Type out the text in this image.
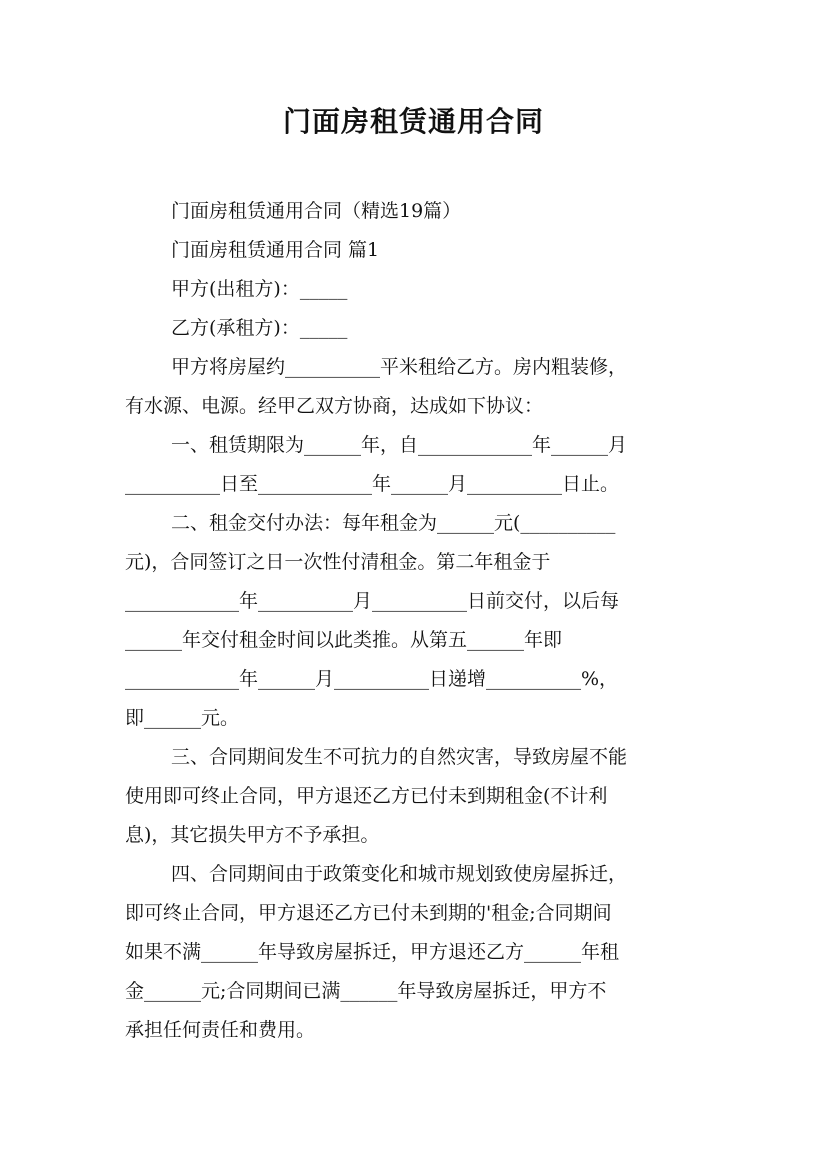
门面房租赁通用合同
门面房租赁通用合同（精选19篇）
门面房租赁通用合同 篇1
甲方(出租方)：_____
乙方(承租方)：_____
甲方将房屋约__________平米租给乙方。房内粗装修，
有水源、电源。经甲乙双方协商，达成如下协议：
一、租赁期限为______年，自____________年______月
__________日至____________年______月__________日止。
二、租金交付办法：每年租金为______元(__________
元)，合同签订之日一次性付清租金。第二年租金于
____________年__________月__________日前交付，以后每
______年交付租金时间以此类推。从第五______年即
____________年______月__________日递增__________%，
即______元。
三、合同期间发生不可抗力的自然灾害，导致房屋不能
使用即可终止合同，甲方退还乙方已付未到期租金(不计利
息)，其它损失甲方不予承担。
四、合同期间由于政策变化和城市规划致使房屋拆迁，
即可终止合同，甲方退还乙方已付未到期的'租金;合同期间
如果不满______年导致房屋拆迁，甲方退还乙方______年租
金______元;合同期间已满______年导致房屋拆迁，甲方不
承担任何责任和费用。
